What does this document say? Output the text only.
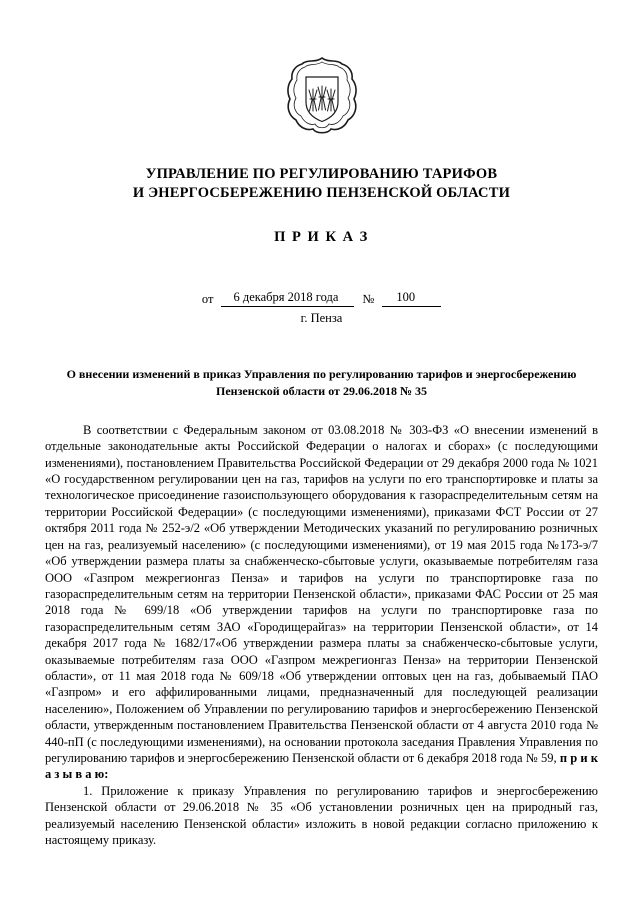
УПРАВЛЕНИЕ ПО РЕГУЛИРОВАНИЮ ТАРИФОВ
И ЭНЕРГОСБЕРЕЖЕНИЮ ПЕНЗЕНСКОЙ ОБЛАСТИ
П Р И К А З
от	6 декабря 2018 года	№	100
г. Пенза
О внесении изменений в приказ Управления по регулированию тарифов и энергосбережению Пензенской области от 29.06.2018 № 35

В соответствии с Федеральным законом от 03.08.2018 № 303-ФЗ «О внесении изменений в отдельные законодательные акты Российской Федерации о налогах и сборах» (с последующими изменениями), постановлением Правительства Российской Федерации от 29 декабря 2000 года № 1021 «О государственном регулировании цен на газ, тарифов на услуги по его транспортировке и платы за технологическое присоединение газоиспользующего оборудования к газораспределительным сетям на территории Российской Федерации» (с последующими изменениями), приказами ФСТ России от 27 октября 2011 года № 252-э/2 «Об утверждении Методических указаний по регулированию розничных цен на газ, реализуемый населению» (с последующими изменениями), от 19 мая 2015 года №173-э/7 «Об утверждении размера платы за снабженческо-сбытовые услуги, оказываемые потребителям газа ООО «Газпром межрегионгаз Пенза» и тарифов на услуги по транспортировке газа по газораспределительным сетям на территории Пензенской области», приказами ФАС России от 25 мая 2018 года № 699/18 «Об утверждении тарифов на услуги по транспортировке газа по газораспределительным сетям ЗАО «Городищерайгаз» на территории Пензенской области», от 14 декабря 2017 года № 1682/17«Об утверждении размера платы за снабженческо-сбытовые услуги, оказываемые потребителям газа ООО «Газпром межрегионгаз Пенза» на территории Пензенской области», от 11 мая 2018 года № 609/18 «Об утверждении оптовых цен на газ, добываемый ПАО «Газпром» и его аффилированными лицами, предназначенный для последующей реализации населению», Положением об Управлении по регулированию тарифов и энергосбережению Пензенской области, утвержденным постановлением Правительства Пензенской области от 4 августа 2010 года № 440-пП (с последующими изменениями), на основании протокола заседания Правления Управления по регулированию тарифов и энергосбережению Пензенской области от 6 декабря 2018 года № 59, п р и к а з ы в а ю:

1. Приложение к приказу Управления по регулированию тарифов и энергосбережению Пензенской области от 29.06.2018 № 35 «Об установлении розничных цен на природный газ, реализуемый населению Пензенской области» изложить в новой редакции согласно приложению к настоящему приказу.
